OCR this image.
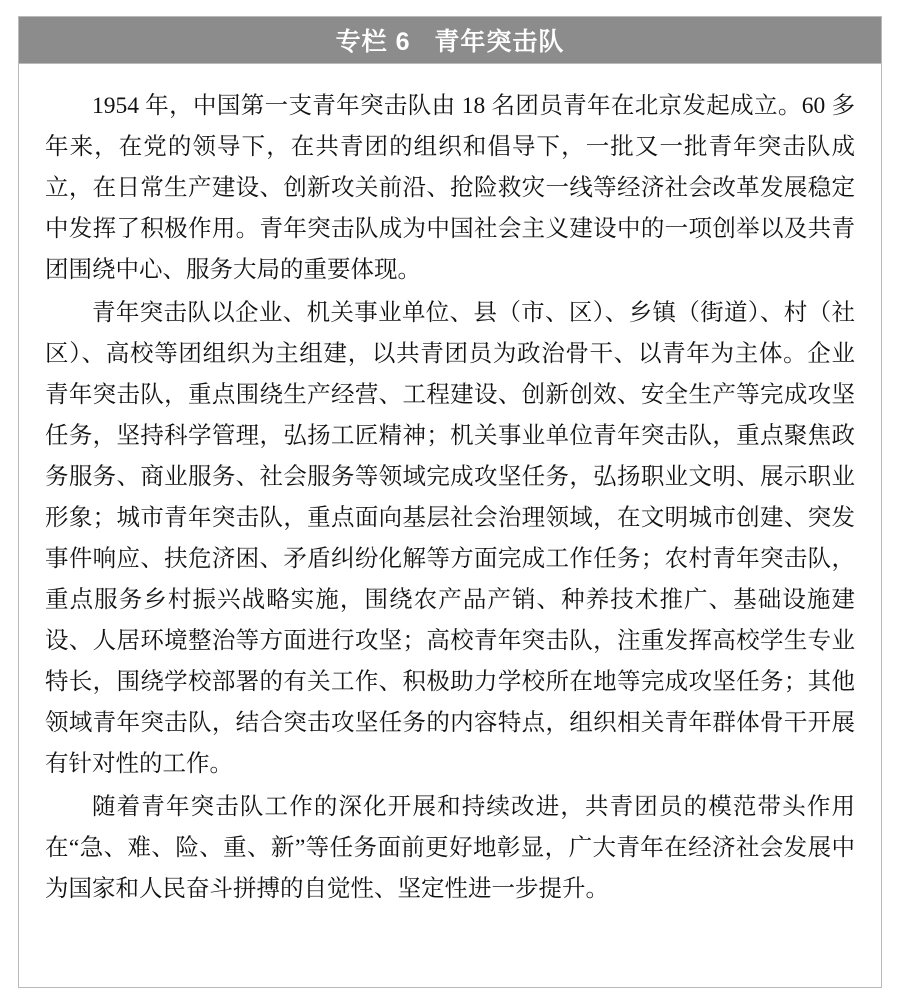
专栏 6   青年突击队

1954 年，中国第一支青年突击队由 18 名团员青年在北京发起成立。60 多年来，在党的领导下，在共青团的组织和倡导下，一批又一批青年突击队成立，在日常生产建设、创新攻关前沿、抢险救灾一线等经济社会改革发展稳定中发挥了积极作用。青年突击队成为中国社会主义建设中的一项创举以及共青团围绕中心、服务大局的重要体现。

青年突击队以企业、机关事业单位、县（市、区）、乡镇（街道）、村（社区）、高校等团组织为主组建，以共青团员为政治骨干、以青年为主体。企业青年突击队，重点围绕生产经营、工程建设、创新创效、安全生产等完成攻坚任务，坚持科学管理，弘扬工匠精神；机关事业单位青年突击队，重点聚焦政务服务、商业服务、社会服务等领域完成攻坚任务，弘扬职业文明、展示职业形象；城市青年突击队，重点面向基层社会治理领域，在文明城市创建、突发事件响应、扶危济困、矛盾纠纷化解等方面完成工作任务；农村青年突击队，重点服务乡村振兴战略实施，围绕农产品产销、种养技术推广、基础设施建设、人居环境整治等方面进行攻坚；高校青年突击队，注重发挥高校学生专业特长，围绕学校部署的有关工作、积极助力学校所在地等完成攻坚任务；其他领域青年突击队，结合突击攻坚任务的内容特点，组织相关青年群体骨干开展有针对性的工作。

随着青年突击队工作的深化开展和持续改进，共青团员的模范带头作用在“急、难、险、重、新”等任务面前更好地彰显，广大青年在经济社会发展中为国家和人民奋斗拼搏的自觉性、坚定性进一步提升。
